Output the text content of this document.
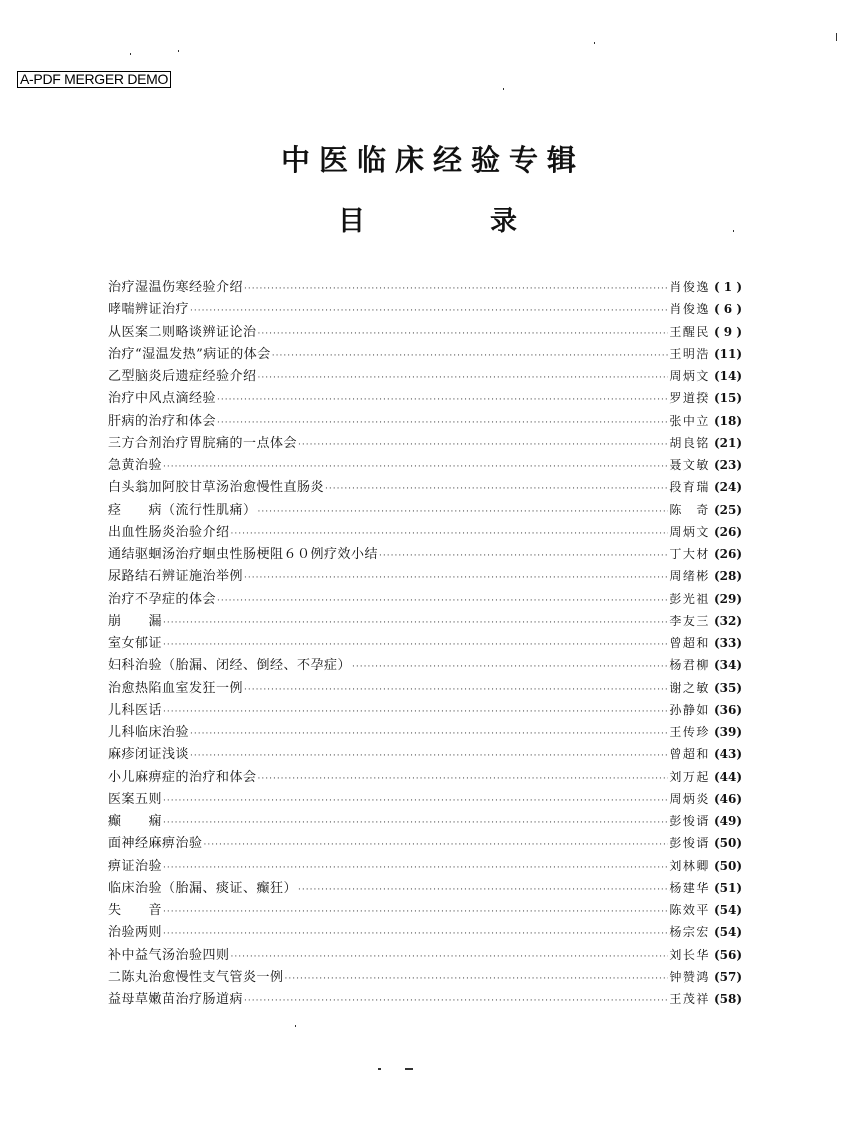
A-PDF MERGER DEMO
中医临床经验专辑
目	录
治疗湿温伤寒经验介绍 ·····	肖俊逸 ( 1 )
哮喘辨证治疗 ·····	肖俊逸 ( 6 )
从医案二则略谈辨证论治 ·····	王醒民 ( 9 )
治疗“湿温发热”病证的体会 ·····	王明浩 (11)
乙型脑炎后遗症经验介绍 ·····	周炳文 (14)
治疗中风点滴经验 ·····	罗道揆 (15)
肝病的治疗和体会 ·····	张中立 (18)
三方合剂治疗胃脘痛的一点体会 ·····	胡良铭 (21)
急黄治验 ·····	聂文敏 (23)
白头翁加阿胶甘草汤治愈慢性直肠炎 ·····	段育瑞 (24)
痉　　病（流行性肌痛） ·····	陈　奇 (25)
出血性肠炎治验介绍 ·····	周炳文 (26)
通结驱蛔汤治疗蛔虫性肠梗阻６０例疗效小结 ·····	丁大材 (26)
尿路结石辨证施治举例 ·····	周绪彬 (28)
治疗不孕症的体会 ·····	彭光祖 (29)
崩　　漏 ·····	李友三 (32)
室女郁证 ·····	曾超和 (33)
妇科治验（胎漏、闭经、倒经、不孕症） ·····	杨君柳 (34)
治愈热陷血室发狂一例 ·····	谢之敏 (35)
儿科医话 ·····	孙静如 (36)
儿科临床治验 ·····	王传珍 (39)
麻疹闭证浅谈 ·····	曾超和 (43)
小儿麻痹症的治疗和体会 ·····	刘万起 (44)
医案五则 ·····	周炳炎 (46)
癫　　痫 ·····	彭悛谞 (49)
面神经麻痹治验 ·····	彭悛谞 (50)
痹证治验 ·····	刘林卿 (50)
临床治验（胎漏、痰证、癫狂） ·····	杨建华 (51)
失　　音 ·····	陈效平 (54)
治验两则 ·····	杨宗宏 (54)
补中益气汤治验四则 ·····	刘长华 (56)
二陈丸治愈慢性支气管炎一例 ·····	钟赞鸿 (57)
益母草嫩苗治疗肠道病 ·····	王茂祥 (58)
